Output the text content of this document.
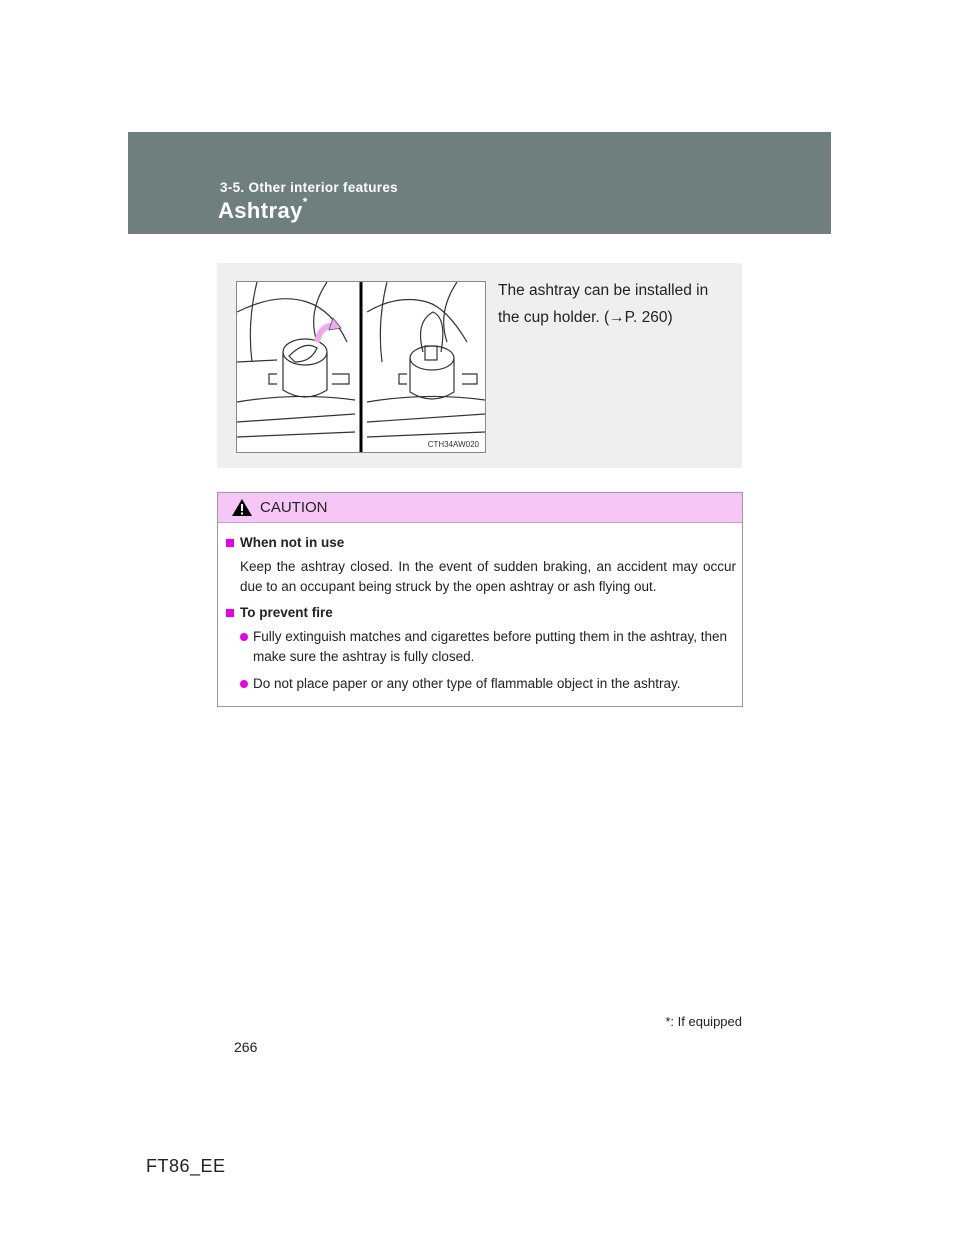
3-5. Other interior features
Ashtray*
CTH34AW020
The ashtray can be installed in the cup holder. (→P. 260)
CAUTION
When not in use
Keep the ashtray closed. In the event of sudden braking, an accident may occur due to an occupant being struck by the open ashtray or ash flying out.
To prevent fire
Fully extinguish matches and cigarettes before putting them in the ashtray, then make sure the ashtray is fully closed.
Do not place paper or any other type of flammable object in the ashtray.
*: If equipped
266
FT86_EE
